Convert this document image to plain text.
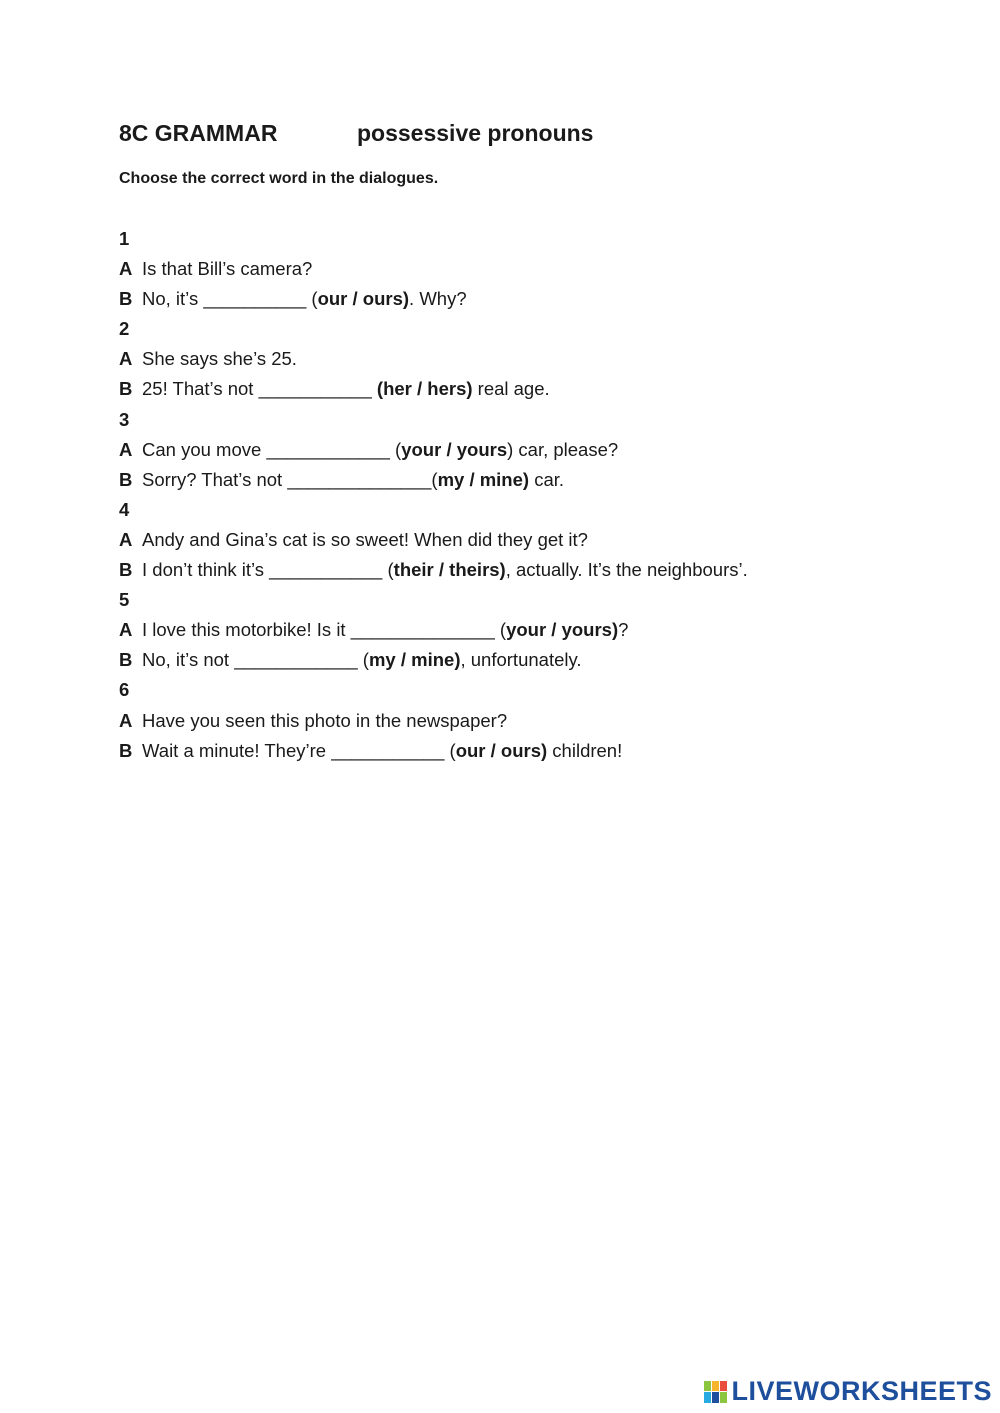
8C GRAMMAR	possessive pronouns
Choose the correct word in the dialogues.
1
A Is that Bill’s camera?
B No, it’s __________ (our / ours). Why?
2
A She says she’s 25.
B 25! That’s not ___________ (her / hers) real age.
3
A Can you move ____________ (your / yours) car, please?
B Sorry? That’s not ______________(my / mine) car.
4
A Andy and Gina’s cat is so sweet! When did they get it?
B I don’t think it’s ___________ (their / theirs), actually. It’s the neighbours’.
5
A I love this motorbike! Is it ______________ (your / yours)?
B No, it’s not ____________ (my / mine), unfortunately.
6
A Have you seen this photo in the newspaper?
B Wait a minute! They’re ___________ (our / ours) children!
LIVEWORKSHEETS
